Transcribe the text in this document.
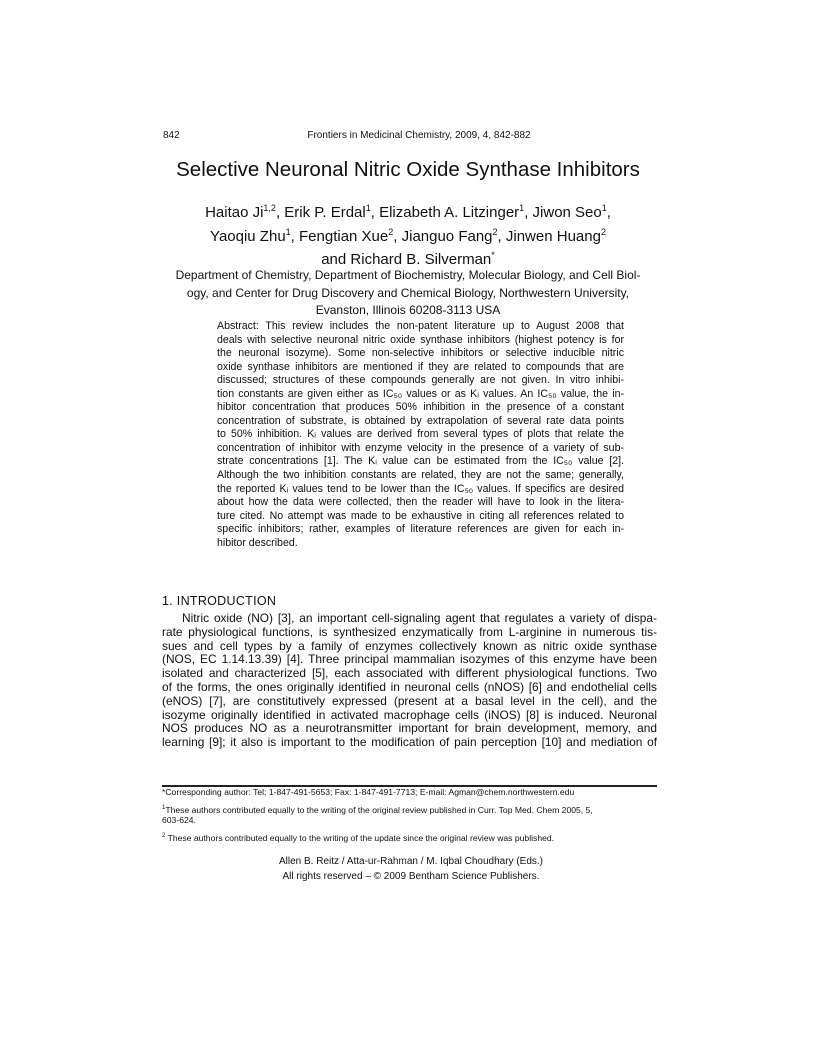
842	Frontiers in Medicinal Chemistry, 2009, 4, 842-882
Selective Neuronal Nitric Oxide Synthase Inhibitors
Haitao Ji$^{1,2}$, Erik P. Erdal$^1$, Elizabeth A. Litzinger$^1$, Jiwon Seo$^1$,
Yaoqiu Zhu$^1$, Fengtian Xue$^2$, Jianguo Fang$^2$, Jinwen Huang$^2$
and Richard B. Silverman*
Department of Chemistry, Department of Biochemistry, Molecular Biology, and Cell Biol-
ogy, and Center for Drug Discovery and Chemical Biology, Northwestern University,
Evanston, Illinois 60208-3113 USA
Abstract: This review includes the non-patent literature up to August 2008 that
deals with selective neuronal nitric oxide synthase inhibitors (highest potency is for
the neuronal isozyme). Some non-selective inhibitors or selective inducible nitric
oxide synthase inhibitors are mentioned if they are related to compounds that are
discussed; structures of these compounds generally are not given. In vitro inhibi-
tion constants are given either as IC₅₀ values or as Kᵢ values. An IC₅₀ value, the in-
hibitor concentration that produces 50% inhibition in the presence of a constant
concentration of substrate, is obtained by extrapolation of several rate data points
to 50% inhibition. Kᵢ values are derived from several types of plots that relate the
concentration of inhibitor with enzyme velocity in the presence of a variety of sub-
strate concentrations [1]. The Kᵢ value can be estimated from the IC₅₀ value [2].
Although the two inhibition constants are related, they are not the same; generally,
the reported Kᵢ values tend to be lower than the IC₅₀ values. If specifics are desired
about how the data were collected, then the reader will have to look in the litera-
ture cited. No attempt was made to be exhaustive in citing all references related to
specific inhibitors; rather, examples of literature references are given for each in-
hibitor described.
1. INTRODUCTION
Nitric oxide (NO) [3], an important cell-signaling agent that regulates a variety of dispa-
rate physiological functions, is synthesized enzymatically from L-arginine in numerous tis-
sues and cell types by a family of enzymes collectively known as nitric oxide synthase
(NOS, EC 1.14.13.39) [4]. Three principal mammalian isozymes of this enzyme have been
isolated and characterized [5], each associated with different physiological functions. Two
of the forms, the ones originally identified in neuronal cells (nNOS) [6] and endothelial cells
(eNOS) [7], are constitutively expressed (present at a basal level in the cell), and the
isozyme originally identified in activated macrophage cells (iNOS) [8] is induced. Neuronal
NOS produces NO as a neurotransmitter important for brain development, memory, and
learning [9]; it also is important to the modification of pain perception [10] and mediation of
*Corresponding author: Tel: 1-847-491-5653; Fax: 1-847-491-7713; E-mail: Agman@chem.northwestern.edu
$^1$These authors contributed equally to the writing of the original review published in Curr. Top Med. Chem 2005, 5,
603-624.
$^2$ These authors contributed equally to the writing of the update since the original review was published.
Allen B. Reitz / Atta-ur-Rahman / M. Iqbal Choudhary (Eds.)
All rights reserved – © 2009 Bentham Science Publishers.
